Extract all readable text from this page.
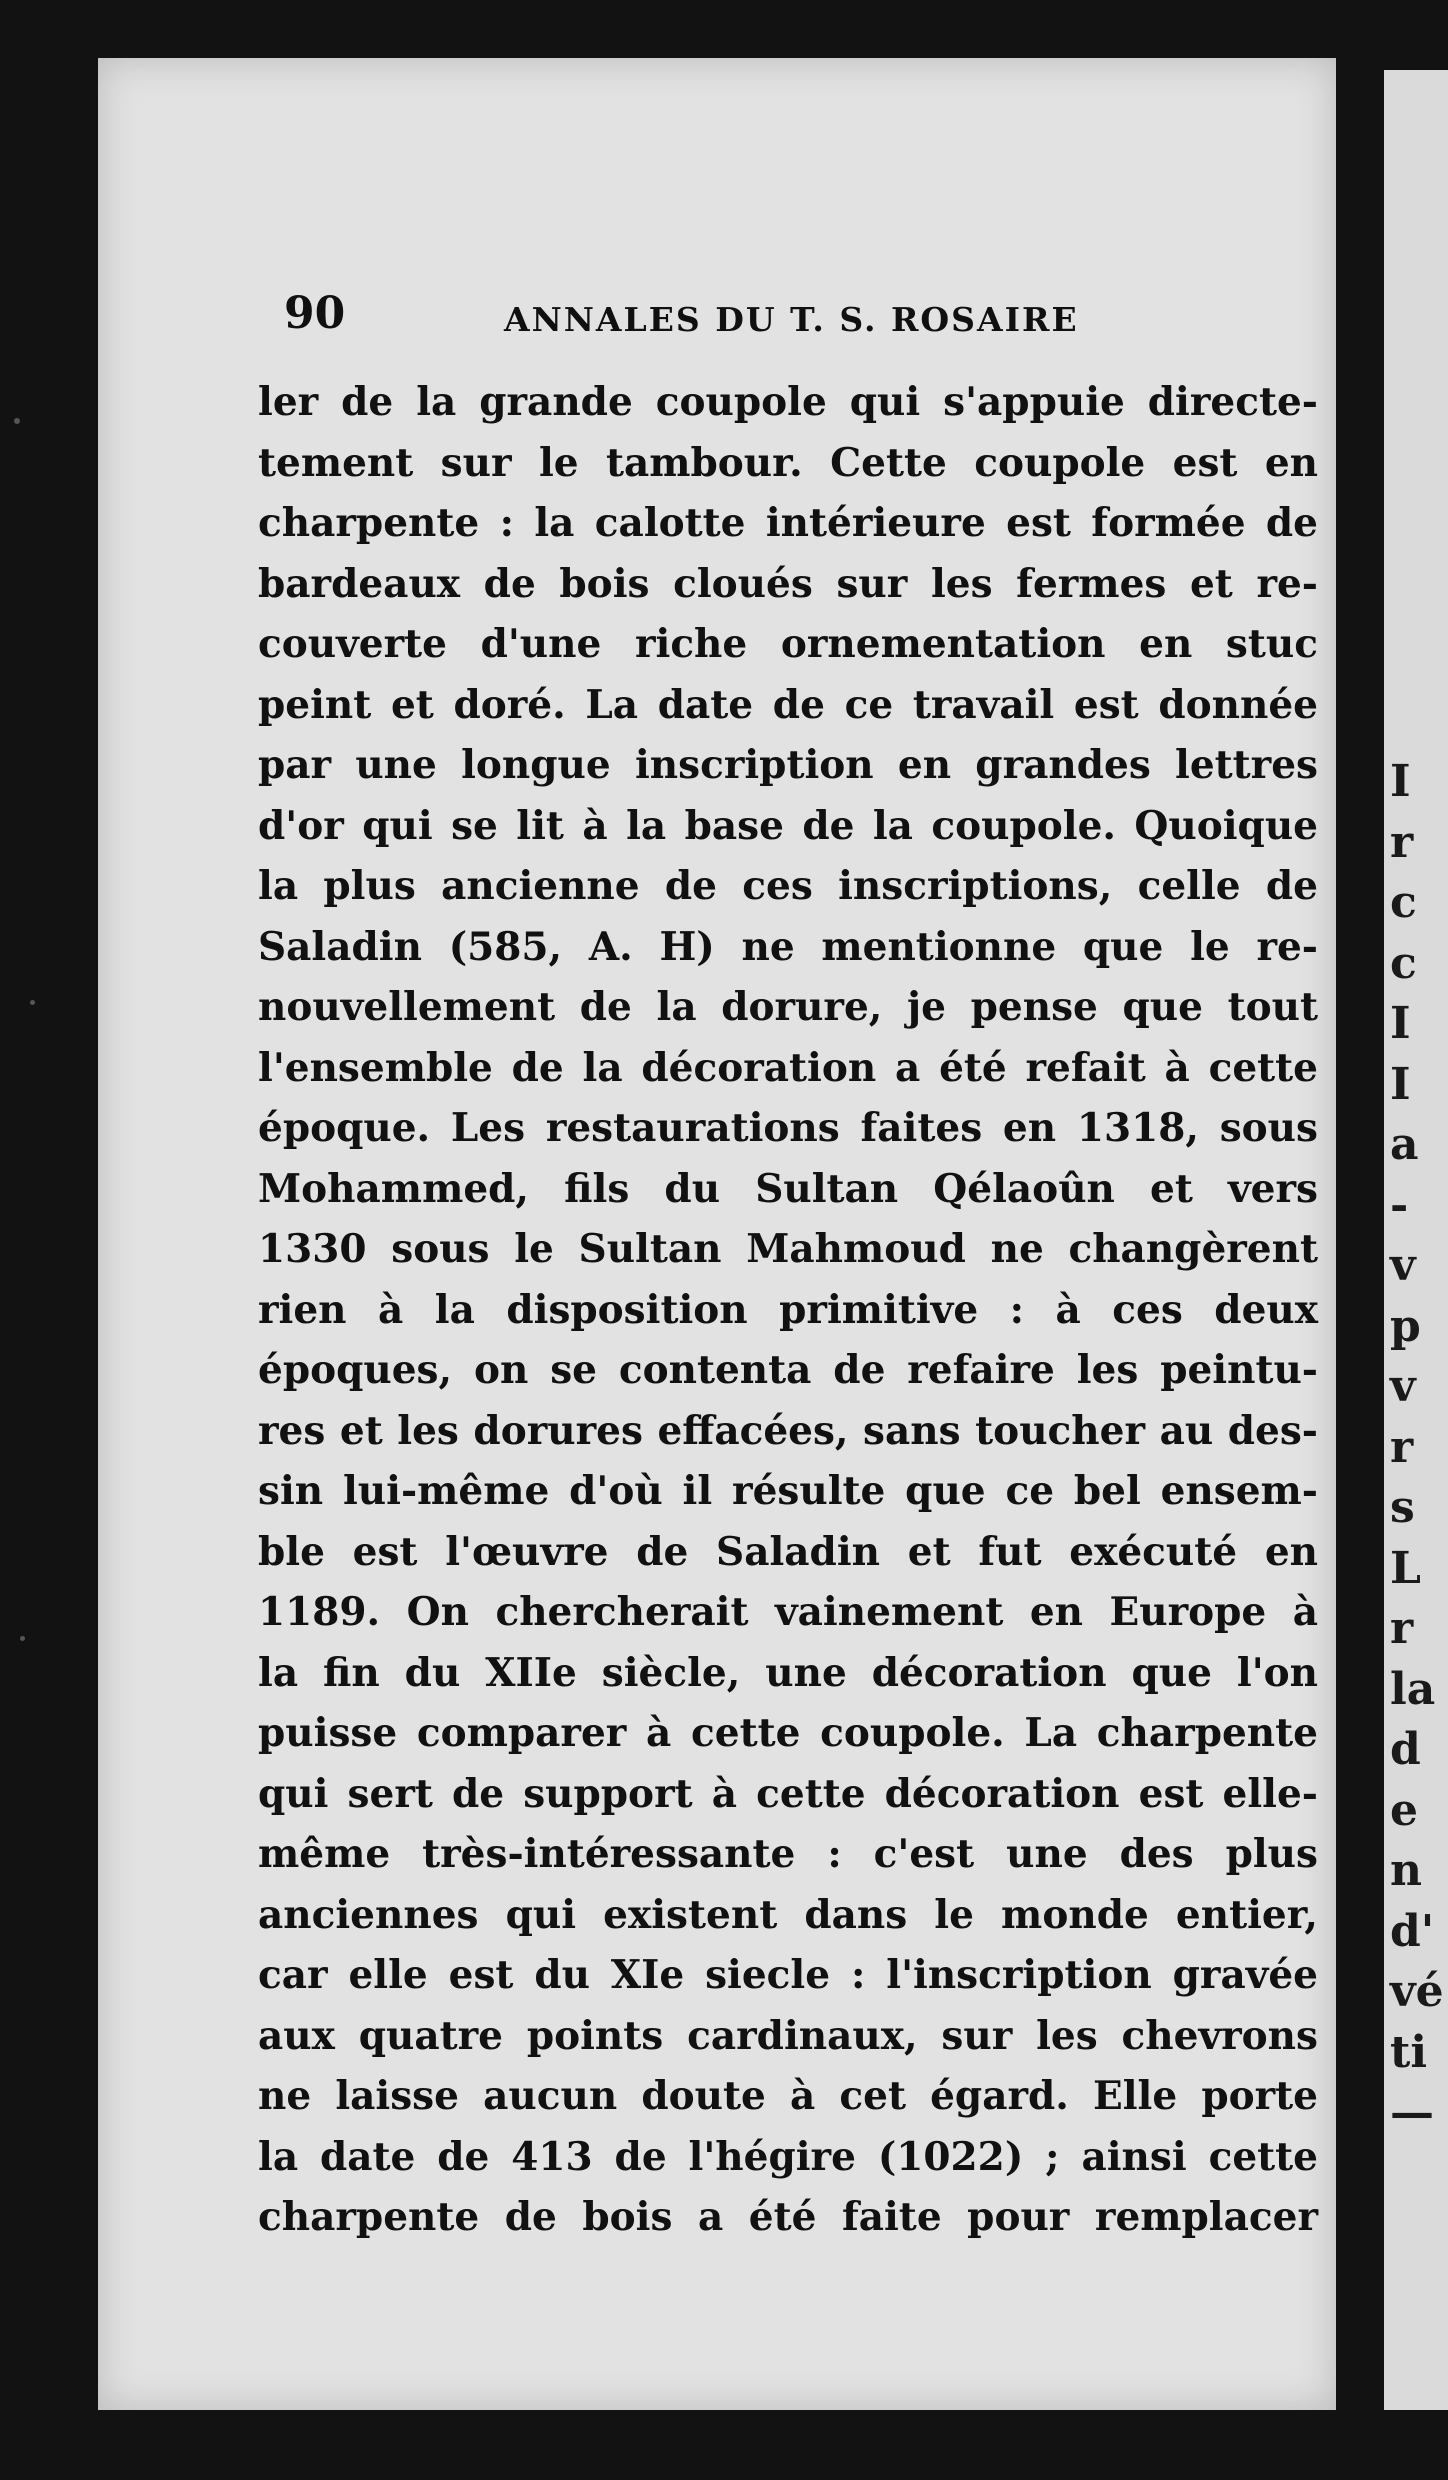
I
r
c
c
I
I
a
-
v
p
v
r
s
L
r
la
d
e
n
d'
vé
ti
—
90	ANNALES DU T. S. ROSAIRE
ler de la grande coupole qui s'appuie directe-
tement sur le tambour. Cette coupole est en
charpente : la calotte intérieure est formée de
bardeaux de bois cloués sur les fermes et re-
couverte d'une riche ornementation en stuc
peint et doré. La date de ce travail est donnée
par une longue inscription en grandes lettres
d'or qui se lit à la base de la coupole. Quoique
la plus ancienne de ces inscriptions, celle de
Saladin (585, A. H) ne mentionne que le re-
nouvellement de la dorure, je pense que tout
l'ensemble de la décoration a été refait à cette
époque. Les restaurations faites en 1318, sous
Mohammed, fils du Sultan Qélaoûn et vers
1330 sous le Sultan Mahmoud ne changèrent
rien à la disposition primitive : à ces deux
époques, on se contenta de refaire les peintu-
res et les dorures effacées, sans toucher au des-
sin lui-même d'où il résulte que ce bel ensem-
ble est l'œuvre de Saladin et fut exécuté en
1189. On chercherait vainement en Europe à
la fin du XIIe siècle, une décoration que l'on
puisse comparer à cette coupole. La charpente
qui sert de support à cette décoration est elle-
même très-intéressante : c'est une des plus
anciennes qui existent dans le monde entier,
car elle est du XIe siecle : l'inscription gravée
aux quatre points cardinaux, sur les chevrons
ne laisse aucun doute à cet égard. Elle porte
la date de 413 de l'hégire (1022) ; ainsi cette
charpente de bois a été faite pour remplacer
